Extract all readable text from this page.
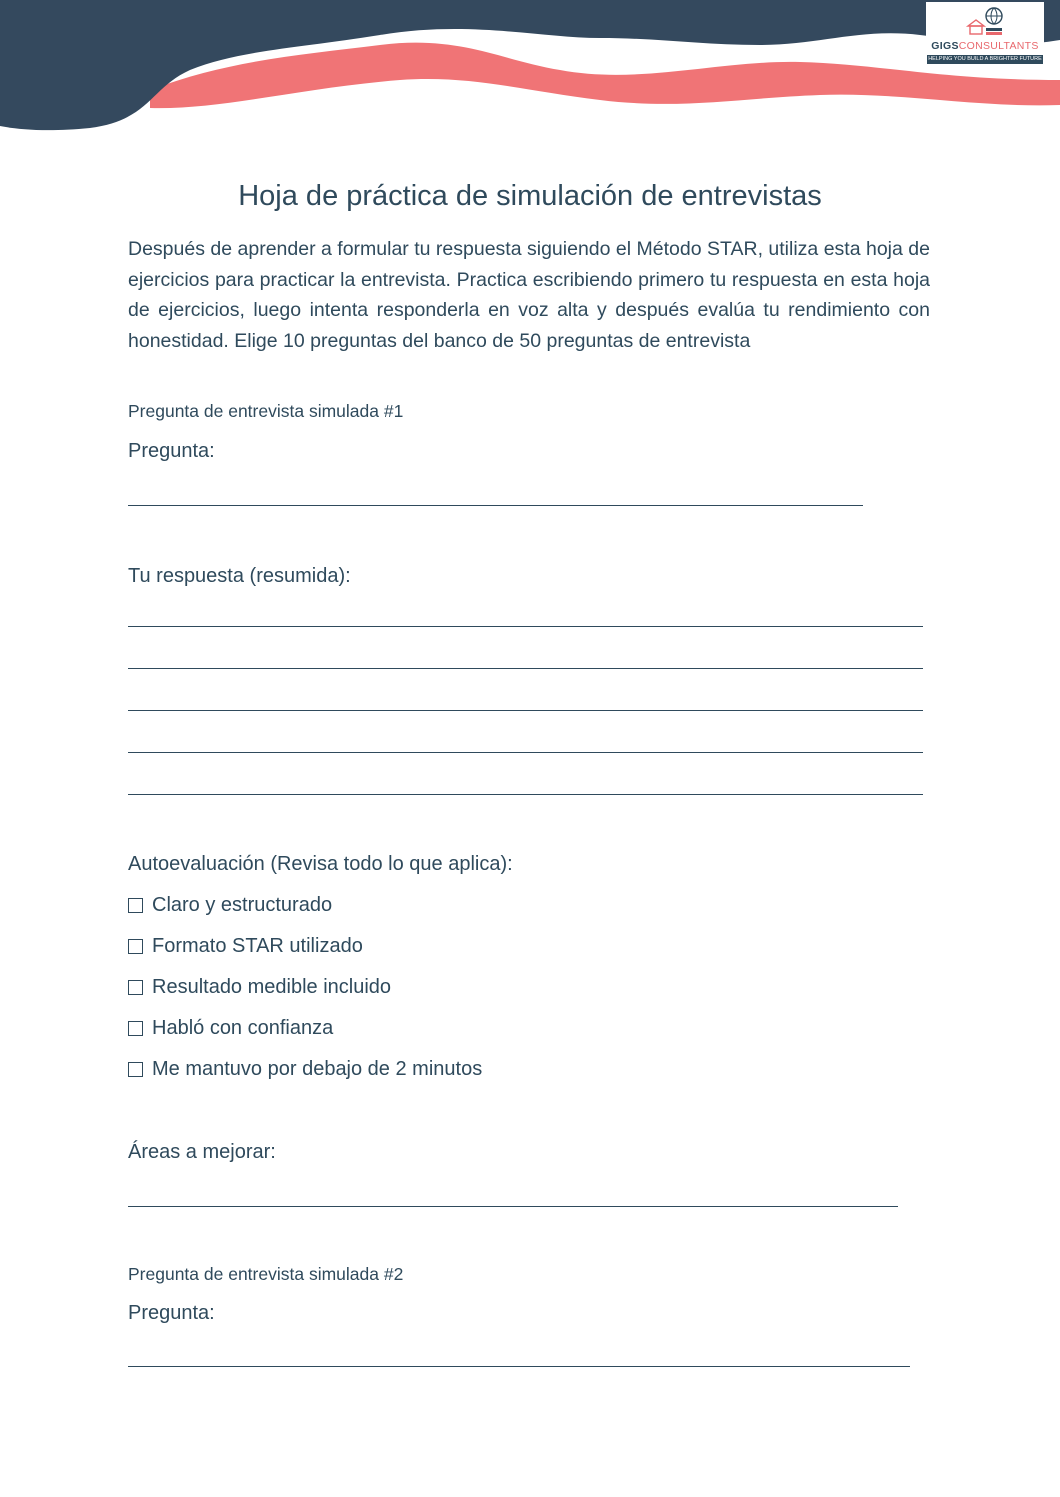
GIGSCONSULTANTS
HELPING YOU BUILD A BRIGHTER FUTURE
Hoja de práctica de simulación de entrevistas

Después de aprender a formular tu respuesta siguiendo el Método STAR, utiliza esta hoja de ejercicios para practicar la entrevista. Practica escribiendo primero tu respuesta en esta hoja de ejercicios, luego intenta responderla en voz alta y después evalúa tu rendimiento con honestidad. Elige 10 preguntas del banco de 50 preguntas de entrevista

Pregunta de entrevista simulada #1

Pregunta:

Tu respuesta (resumida):

Autoevaluación (Revisa todo lo que aplica):

Claro y estructurado
Formato STAR utilizado
Resultado medible incluido
Habló con confianza
Me mantuvo por debajo de 2 minutos

Áreas a mejorar:

Pregunta de entrevista simulada #2

Pregunta:
